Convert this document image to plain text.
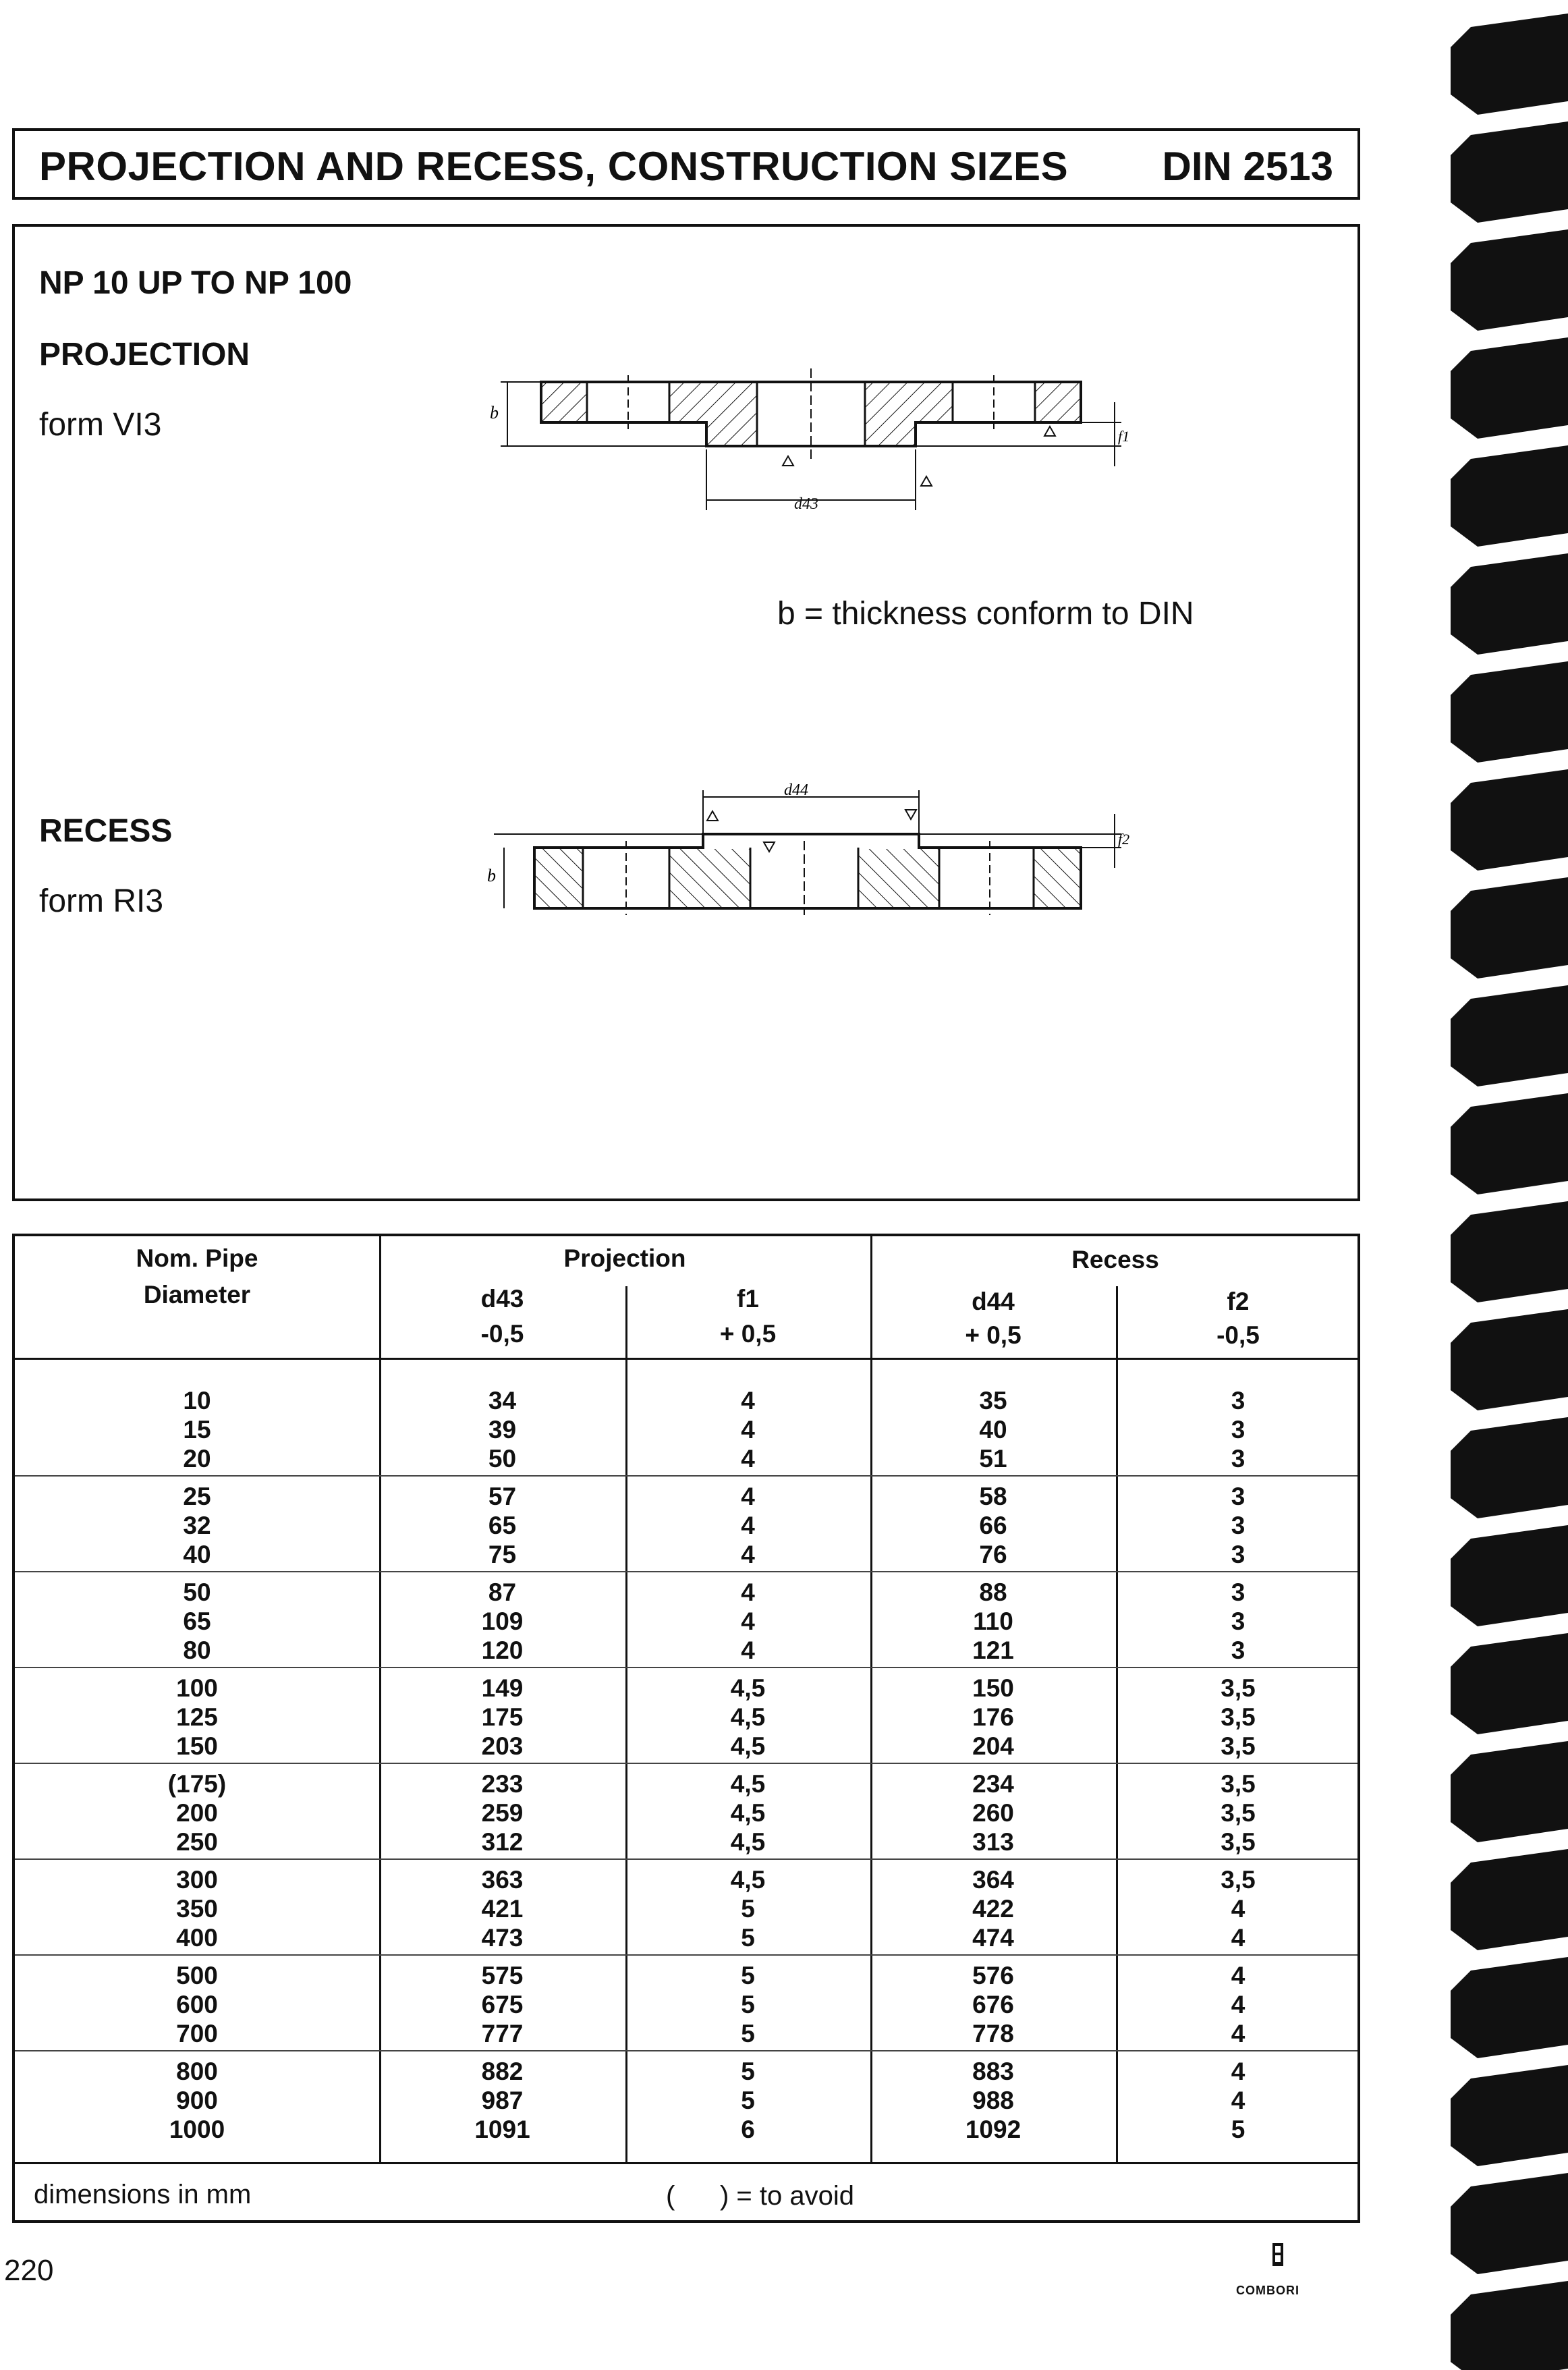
PROJECTION AND RECESS, CONSTRUCTION SIZES DIN 2513
NP 10 UP TO NP 100
PROJECTION
form VI3
b = thickness conform to DIN
RECESS
form RI3
b
f1
d43
b
f2
d44
Nom. Pipe
Diameter
Projection	Recess
d43
-0,5
f1
+ 0,5
d44
+ 0,5
f2
-0,5
10
15
20
34
39
50
4
4
4
35
40
51
3
3
3
25
32
40
57
65
75
4
4
4
58
66
76
3
3
3
50
65
80
87
109
120
4
4
4
88
110
121
3
3
3
100
125
150
149
175
203
4,5
4,5
4,5
150
176
204
3,5
3,5
3,5
(175)
200
250
233
259
312
4,5
4,5
4,5
234
260
313
3,5
3,5
3,5
300
350
400
363
421
473
4,5
5
5
364
422
474
3,5
4
4
500
600
700
575
675
777
5
5
5
576
676
778
4
4
4
800
900
1000
882
987
1091
5
5
6
883
988
1092
4
4
5
dimensions in mm	(      ) = to avoid
220
COMBORI
